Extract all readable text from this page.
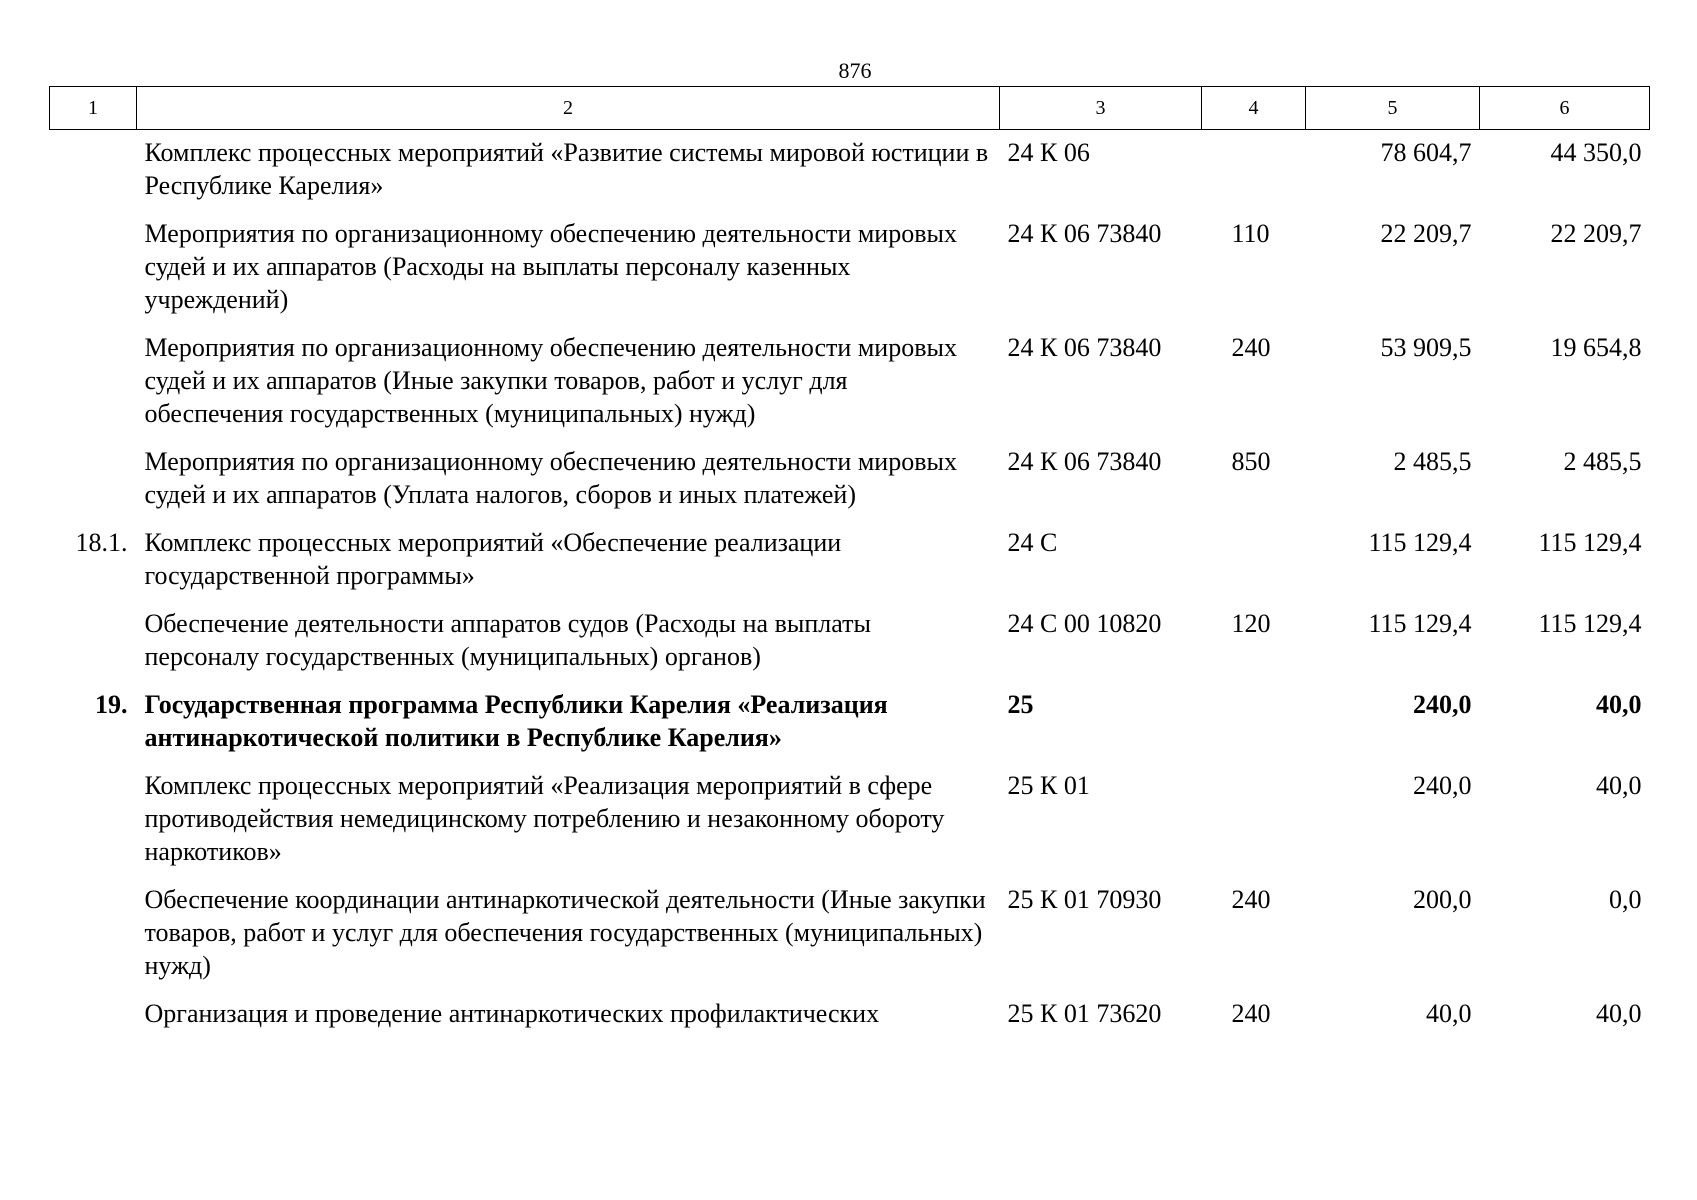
876
1	2	3	4	5	6
	Комплекс процессных мероприятий «Развитие системы мировой юстиции в Республике Карелия»	24 К 06		78 604,7	44 350,0
	Мероприятия по организационному обеспечению деятельности мировых судей и их аппаратов (Расходы на выплаты персоналу казенных учреждений)	24 К 06 73840	110	22 209,7	22 209,7
	Мероприятия по организационному обеспечению деятельности мировых судей и их аппаратов (Иные закупки товаров, работ и услуг для обеспечения государственных (муниципальных) нужд)	24 К 06 73840	240	53 909,5	19 654,8
	Мероприятия по организационному обеспечению деятельности мировых судей и их аппаратов (Уплата налогов, сборов и иных платежей)	24 К 06 73840	850	2 485,5	2 485,5
18.1.	Комплекс процессных мероприятий «Обеспечение реализации государственной программы»	24 С		115 129,4	115 129,4
	Обеспечение деятельности аппаратов судов (Расходы на выплаты персоналу государственных (муниципальных) органов)	24 С 00 10820	120	115 129,4	115 129,4
19.	Государственная программа Республики Карелия «Реализация антинаркотической политики в Республике Карелия»	25		240,0	40,0
	Комплекс процессных мероприятий «Реализация мероприятий в сфере противодействия немедицинскому потреблению и незаконному обороту наркотиков»	25 К 01		240,0	40,0
	Обеспечение координации антинаркотической деятельности (Иные закупки товаров, работ и услуг для обеспечения государственных (муниципальных) нужд)	25 К 01 70930	240	200,0	0,0
	Организация и проведение антинаркотических профилактических	25 К 01 73620	240	40,0	40,0
